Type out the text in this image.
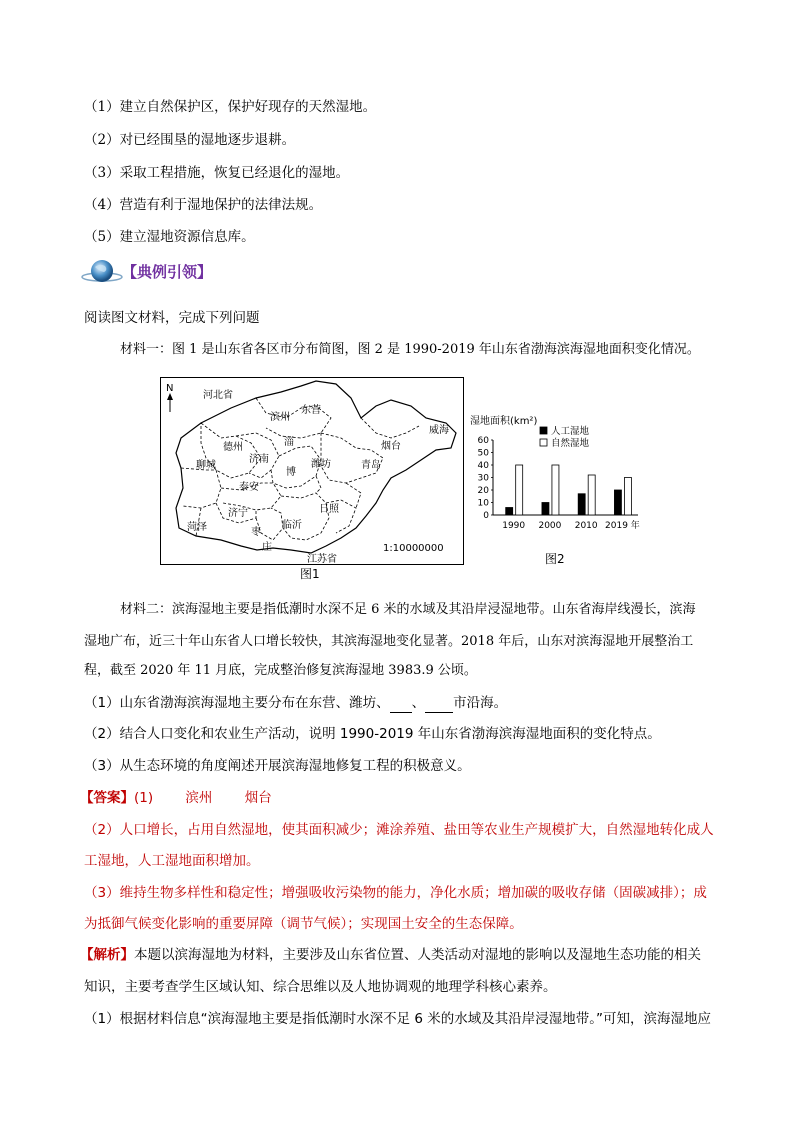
（1）建立自然保护区，保护好现存的天然湿地。
（2）对已经围垦的湿地逐步退耕。
（3）采取工程措施，恢复已经退化的湿地。
（4）营造有利于湿地保护的法律法规。
（5）建立湿地资源信息库。
【典例引领】
阅读图文材料，完成下列问题
材料一：图 1 是山东省各区市分布简图，图 2 是 1990-2019 年山东省渤海滨海湿地面积变化情况。
N
河北省
滨州
东营
德州	烟台
威海
淄
济南
博
聊城	潍坊	青岛
泰安
济宁
菏泽
日照
临沂
枣
庄
江苏省
1:10000000
图1
湿地面积(km²)
0
10
20
30
40
50
60
1990 2000 2010 2019 年
人工湿地
自然湿地
图2
材料二：滨海湿地主要是指低潮时水深不足 6 米的水域及其沿岸浸湿地带。山东省海岸线漫长，滨海
湿地广布，近三十年山东省人口增长较快，其滨海湿地变化显著。2018 年后，山东对滨海湿地开展整治工
程，截至 2020 年 11 月底，完成整治修复滨海湿地 3983.9 公顷。
（1）山东省渤海滨海湿地主要分布在东营、潍坊、 、 市沿海。
（2）结合人口变化和农业生产活动，说明 1990-2019 年山东省渤海滨海湿地面积的变化特点。
（3）从生态环境的角度阐述开展滨海湿地修复工程的积极意义。
【答案】(1) 滨州 烟台
（2）人口增长，占用自然湿地，使其面积减少；滩涂养殖、盐田等农业生产规模扩大，自然湿地转化成人
工湿地，人工湿地面积增加。
（3）维持生物多样性和稳定性；增强吸收污染物的能力，净化水质；增加碳的吸收存储（固碳减排）；成
为抵御气候变化影响的重要屏障（调节气候）；实现国土安全的生态保障。
【解析】本题以滨海湿地为材料，主要涉及山东省位置、人类活动对湿地的影响以及湿地生态功能的相关
知识，主要考查学生区域认知、综合思维以及人地协调观的地理学科核心素养。
（1）根据材料信息“滨海湿地主要是指低潮时水深不足 6 米的水域及其沿岸浸湿地带。”可知，滨海湿地应
